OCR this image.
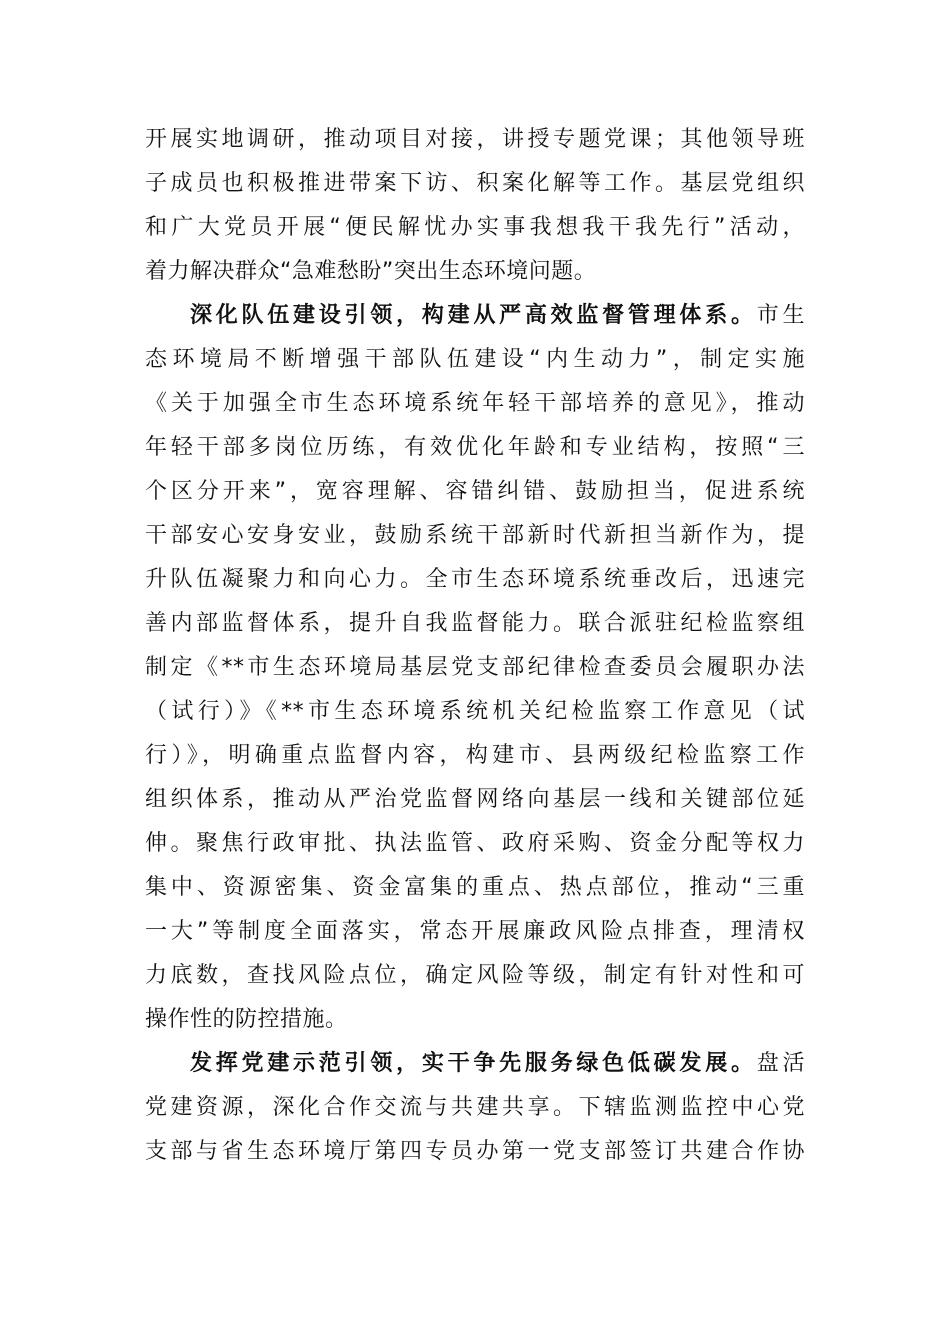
开展实地调研，推动项目对接，讲授专题党课；其他领导班
子成员也积极推进带案下访、积案化解等工作。基层党组织
和广大党员开展“便民解忧办实事我想我干我先行”活动，
着力解决群众“急难愁盼”突出生态环境问题。
深化队伍建设引领，构建从严高效监督管理体系。市生
态环境局不断增强干部队伍建设“内生动力”，制定实施
《关于加强全市生态环境系统年轻干部培养的意见》，推动
年轻干部多岗位历练，有效优化年龄和专业结构，按照“三
个区分开来”，宽容理解、容错纠错、鼓励担当，促进系统
干部安心安身安业，鼓励系统干部新时代新担当新作为，提
升队伍凝聚力和向心力。全市生态环境系统垂改后，迅速完
善内部监督体系，提升自我监督能力。联合派驻纪检监察组
制定《**市生态环境局基层党支部纪律检查委员会履职办法
（试行）》《**市生态环境系统机关纪检监察工作意见（试
行）》，明确重点监督内容，构建市、县两级纪检监察工作
组织体系，推动从严治党监督网络向基层一线和关键部位延
伸。聚焦行政审批、执法监管、政府采购、资金分配等权力
集中、资源密集、资金富集的重点、热点部位，推动“三重
一大”等制度全面落实，常态开展廉政风险点排查，理清权
力底数，查找风险点位，确定风险等级，制定有针对性和可
操作性的防控措施。
发挥党建示范引领，实干争先服务绿色低碳发展。盘活
党建资源，深化合作交流与共建共享。下辖监测监控中心党
支部与省生态环境厅第四专员办第一党支部签订共建合作协
